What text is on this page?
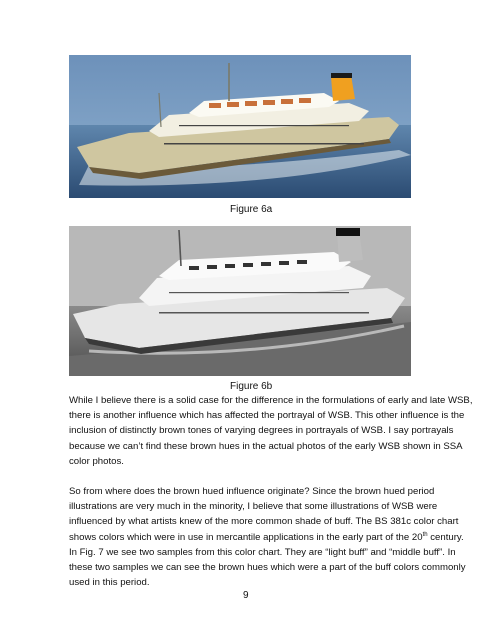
Figure 6a
Figure 6b

While I believe there is a solid case for the difference in the formulations of early and late WSB,
there is another influence which has affected the portrayal of WSB. This other influence is the
inclusion of distinctly brown tones of varying degrees in portrayals of WSB. I say portrayals
because we can’t find these brown hues in the actual photos of the early WSB shown in SSA
color photos.

So from where does the brown hued influence originate? Since the brown hued period
illustrations are very much in the minority, I believe that some illustrations of WSB were
influenced by what artists knew of the more common shade of buff. The BS 381c color chart
shows colors which were in use in mercantile applications in the early part of the 20th century.
In Fig. 7 we see two samples from this color chart. They are “light buff” and “middle buff”. In
these two samples we can see the brown hues which were a part of the buff colors commonly
used in this period.

9
